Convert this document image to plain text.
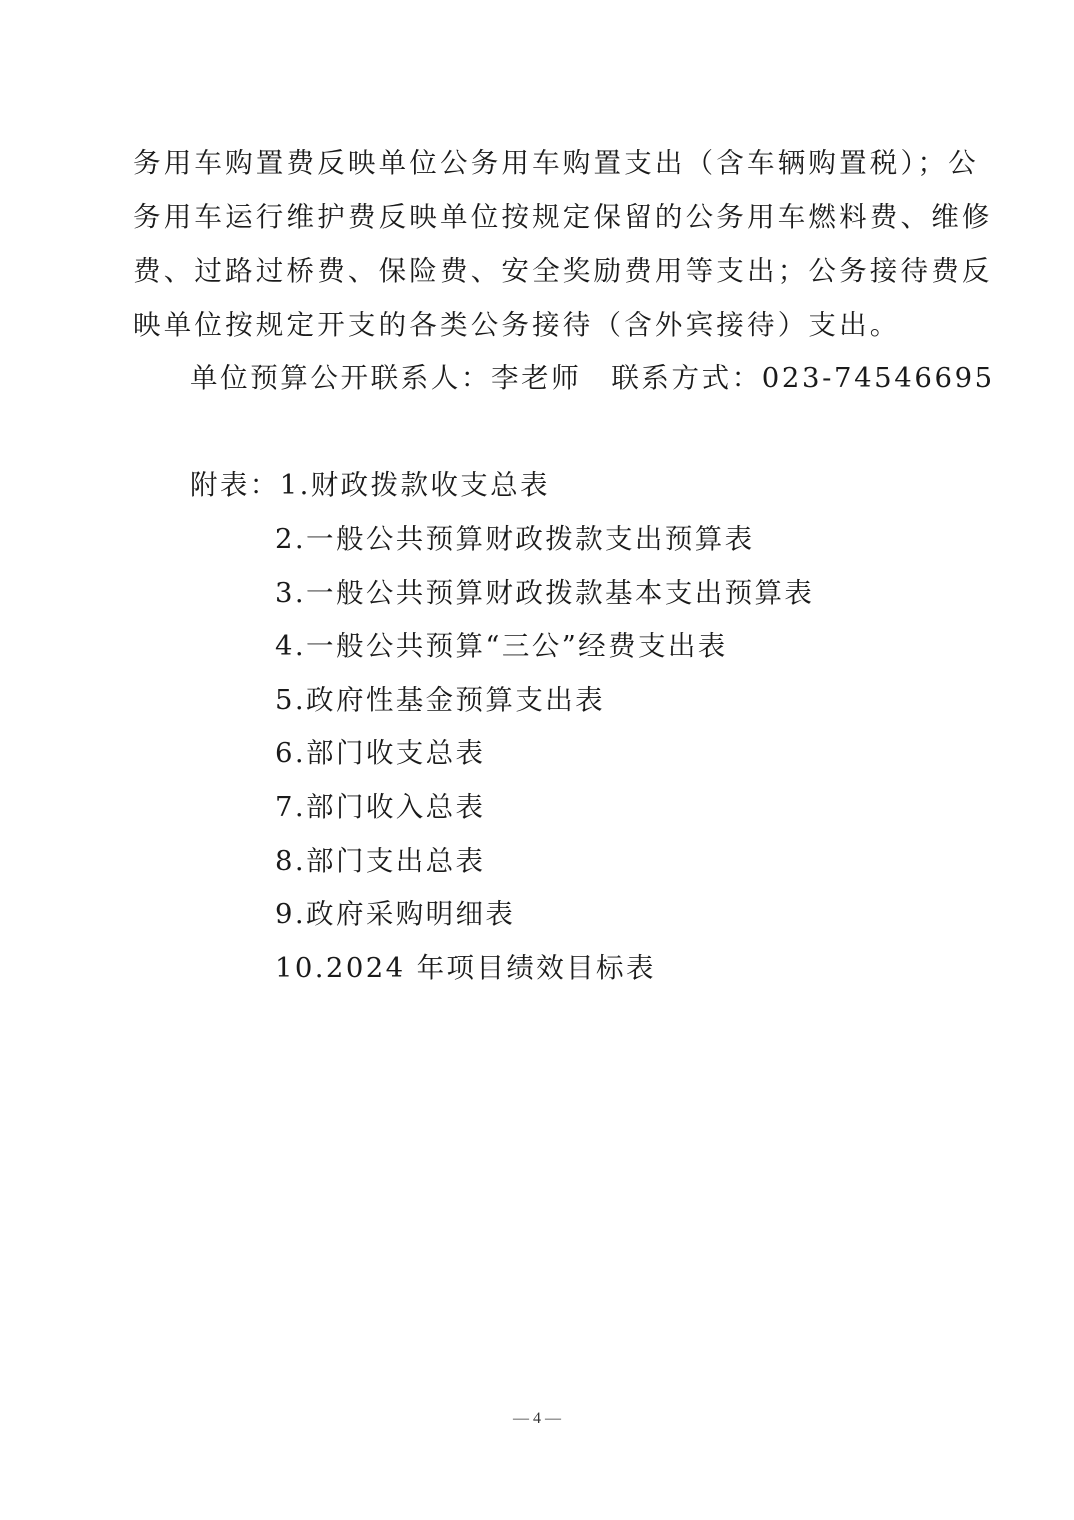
务用车购置费反映单位公务用车购置支出（含车辆购置税）；公
务用车运行维护费反映单位按规定保留的公务用车燃料费、维修
费、过路过桥费、保险费、安全奖励费用等支出；公务接待费反
映单位按规定开支的各类公务接待（含外宾接待）支出。
单位预算公开联系人：李老师 联系方式：023-74546695
附表：1.财政拨款收支总表
2.一般公共预算财政拨款支出预算表
3.一般公共预算财政拨款基本支出预算表
4.一般公共预算“三公”经费支出表
5.政府性基金预算支出表
6.部门收支总表
7.部门收入总表
8.部门支出总表
9.政府采购明细表
10.2024 年项目绩效目标表
— 4 —
